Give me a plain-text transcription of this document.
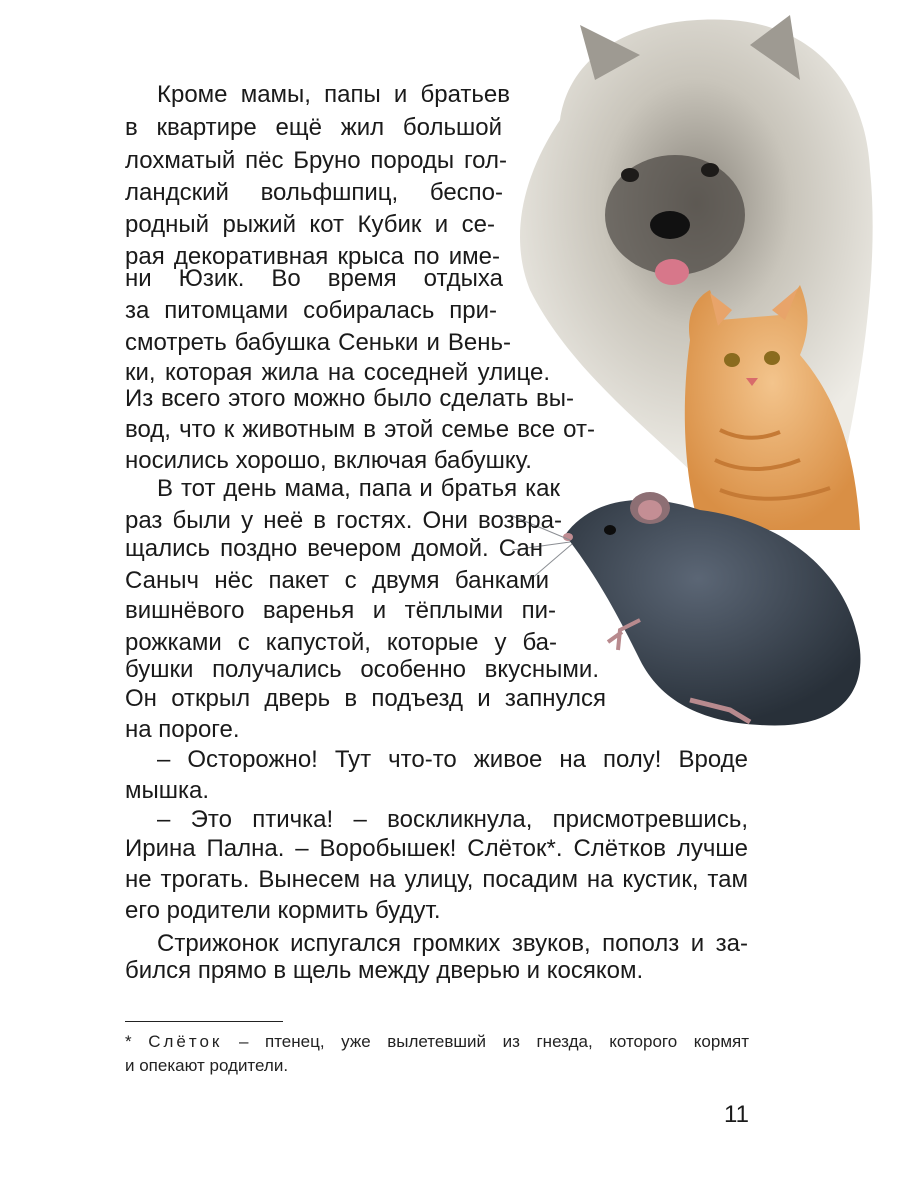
Кроме мамы, папы и братьев
в квартире ещё жил большой
лохматый пёс Бруно породы гол-
ландский вольфшпиц, беспо-
родный рыжий кот Кубик и се-
рая декоративная крыса по име-
ни Юзик. Во время отдыха
за питомцами собиралась при-
смотреть бабушка Сеньки и Вень-
ки, которая жила на соседней улице.
Из всего этого можно было сделать вы-
вод, что к животным в этой семье все от-
носились хорошо, включая бабушку.
В тот день мама, папа и братья как
раз были у неё в гостях. Они возвра-
щались поздно вечером домой. Сан
Саныч нёс пакет с двумя банками
вишнёвого варенья и тёплыми пи-
рожками с капустой, которые у ба-
бушки получались особенно вкусными.
Он открыл дверь в подъезд и запнулся
на пороге.
– Осторожно! Тут что-то живое на полу! Вроде
мышка.
– Это птичка! – воскликнула, присмотревшись,
Ирина Пална. – Воробышек! Слёток*. Слётков лучше
не трогать. Вынесем на улицу, посадим на кустик, там
его родители кормить будут.
Стрижонок испугался громких звуков, пополз и за-
бился прямо в щель между дверью и косяком.
* Слёток – птенец, уже вылетевший из гнезда, которого кормят
и опекают родители.
11
